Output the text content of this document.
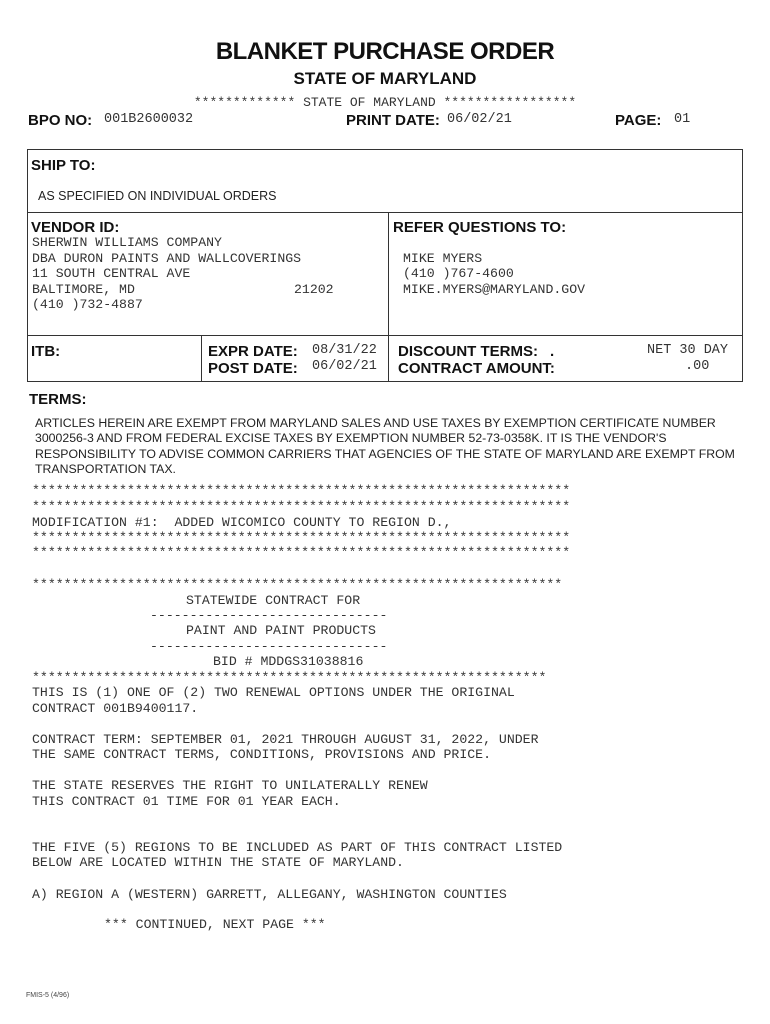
BLANKET PURCHASE ORDER
STATE OF MARYLAND
************* STATE OF MARYLAND *****************
BPO NO: 001B2600032	PRINT DATE: 06/02/21	PAGE: 01
SHIP TO:
AS SPECIFIED ON INDIVIDUAL ORDERS
VENDOR ID:
SHERWIN WILLIAMS COMPANY
DBA DURON PAINTS AND WALLCOVERINGS
11 SOUTH CENTRAL AVE
BALTIMORE, MD	21202
(410 )732-4887
REFER QUESTIONS TO:
MIKE MYERS
(410 )767-4600
MIKE.MYERS@MARYLAND.GOV
ITB:	EXPR DATE: 08/31/22
POST DATE: 06/02/21
DISCOUNT TERMS: .	NET 30 DAY
CONTRACT AMOUNT:	.00
TERMS:
ARTICLES HEREIN ARE EXEMPT FROM MARYLAND SALES AND USE TAXES BY EXEMPTION CERTIFICATE NUMBER 3000256-3 AND FROM FEDERAL EXCISE TAXES BY EXEMPTION NUMBER 52-73-0358K. IT IS THE VENDOR'S RESPONSIBILITY TO ADVISE COMMON CARRIERS THAT AGENCIES OF THE STATE OF MARYLAND ARE EXEMPT FROM TRANSPORTATION TAX.
********************************************************************
********************************************************************
MODIFICATION #1:  ADDED WICOMICO COUNTY TO REGION D.,
********************************************************************
********************************************************************
*******************************************************************
STATEWIDE CONTRACT FOR
------------------------------
PAINT AND PAINT PRODUCTS
------------------------------
BID # MDDGS31038816
*****************************************************************
THIS IS (1) ONE OF (2) TWO RENEWAL OPTIONS UNDER THE ORIGINAL
CONTRACT 001B9400117.
CONTRACT TERM: SEPTEMBER 01, 2021 THROUGH AUGUST 31, 2022, UNDER
THE SAME CONTRACT TERMS, CONDITIONS, PROVISIONS AND PRICE.
THE STATE RESERVES THE RIGHT TO UNILATERALLY RENEW
THIS CONTRACT 01 TIME FOR 01 YEAR EACH.
THE FIVE (5) REGIONS TO BE INCLUDED AS PART OF THIS CONTRACT LISTED
BELOW ARE LOCATED WITHIN THE STATE OF MARYLAND.
A) REGION A (WESTERN) GARRETT, ALLEGANY, WASHINGTON COUNTIES
*** CONTINUED, NEXT PAGE ***
FMIS-5 (4/96)
